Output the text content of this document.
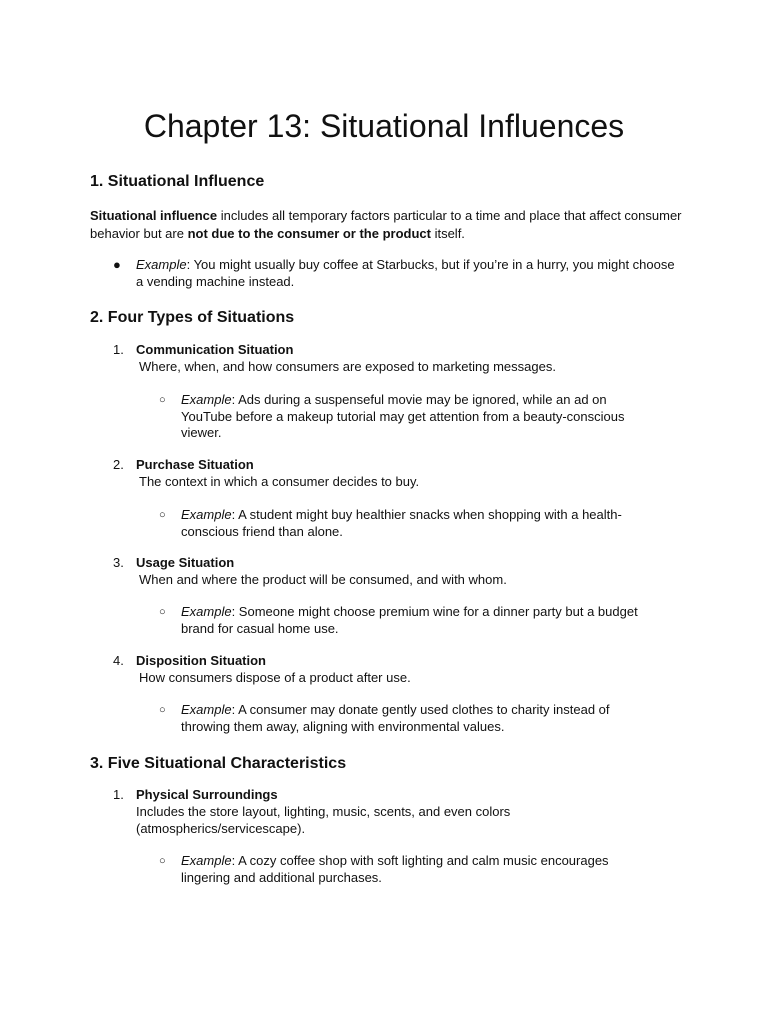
Chapter 13: Situational Influences
1. Situational Influence

Situational influence includes all temporary factors particular to a time and place that affect consumer behavior but are not due to the consumer or the product itself.

● Example: You might usually buy coffee at Starbucks, but if you’re in a hurry, you might choose a vending machine instead.
2. Four Types of Situations
1. Communication Situation
Where, when, and how consumers are exposed to marketing messages.
○ Example: Ads during a suspenseful movie may be ignored, while an ad on YouTube before a makeup tutorial may get attention from a beauty-conscious viewer.
2. Purchase Situation
The context in which a consumer decides to buy.
○ Example: A student might buy healthier snacks when shopping with a health-conscious friend than alone.
3. Usage Situation
When and where the product will be consumed, and with whom.
○ Example: Someone might choose premium wine for a dinner party but a budget brand for casual home use.
4. Disposition Situation
How consumers dispose of a product after use.
○ Example: A consumer may donate gently used clothes to charity instead of throwing them away, aligning with environmental values.
3. Five Situational Characteristics
1. Physical Surroundings
Includes the store layout, lighting, music, scents, and even colors (atmospherics/servicescape).
○ Example: A cozy coffee shop with soft lighting and calm music encourages lingering and additional purchases.
